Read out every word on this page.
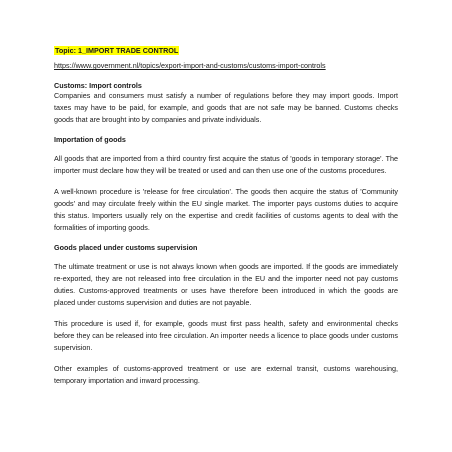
Topic: 1_IMPORT TRADE CONTROL
https://www.government.nl/topics/export-import-and-customs/customs-import-controls
Customs: Import controls

Companies and consumers must satisfy a number of regulations before they may import goods. Import taxes may have to be paid, for example, and goods that are not safe may be banned. Customs checks goods that are brought into by companies and private individuals.

Importation of goods

All goods that are imported from a third country first acquire the status of 'goods in temporary storage'. The importer must declare how they will be treated or used and can then use one of the customs procedures.

A well-known procedure is 'release for free circulation'. The goods then acquire the status of 'Community goods' and may circulate freely within the EU single market. The importer pays customs duties to acquire this status. Importers usually rely on the expertise and credit facilities of customs agents to deal with the formalities of importing goods.

Goods placed under customs supervision

The ultimate treatment or use is not always known when goods are imported. If the goods are immediately re-exported, they are not released into free circulation in the EU and the importer need not pay customs duties. Customs-approved treatments or uses have therefore been introduced in which the goods are placed under customs supervision and duties are not payable.

This procedure is used if, for example, goods must first pass health, safety and environmental checks before they can be released into free circulation. An importer needs a licence to place goods under customs supervision.

Other examples of customs-approved treatment or use are external transit, customs warehousing, temporary importation and inward processing.
